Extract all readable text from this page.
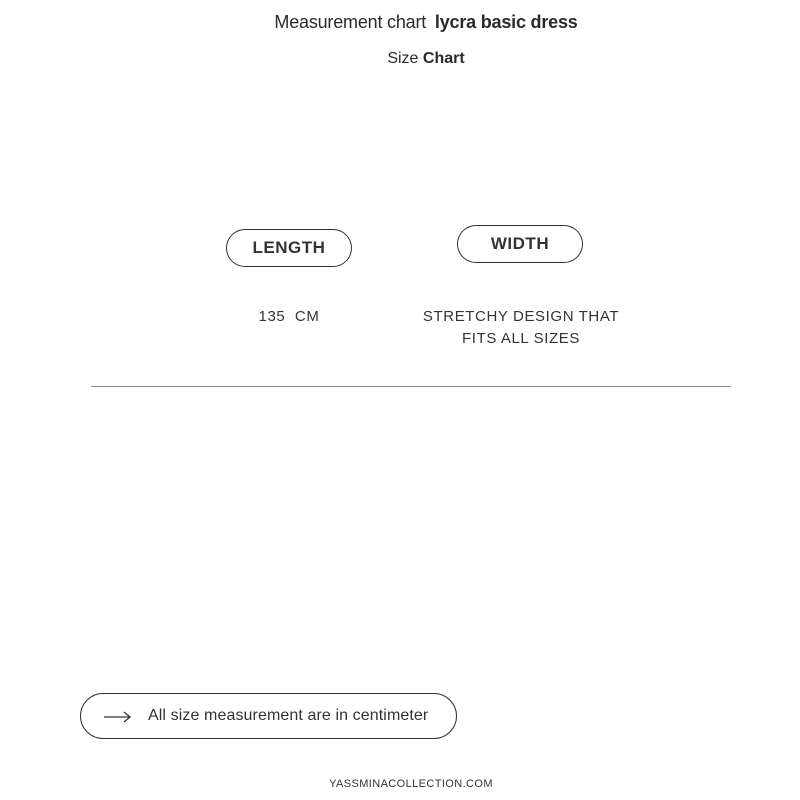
Measurement chart lycra basic dress
Size Chart
LENGTH	WIDTH
135  CM	STRETCHY DESIGN THAT FITS ALL SIZES
All size measurement are in centimeter
YASSMINACOLLECTION.COM
